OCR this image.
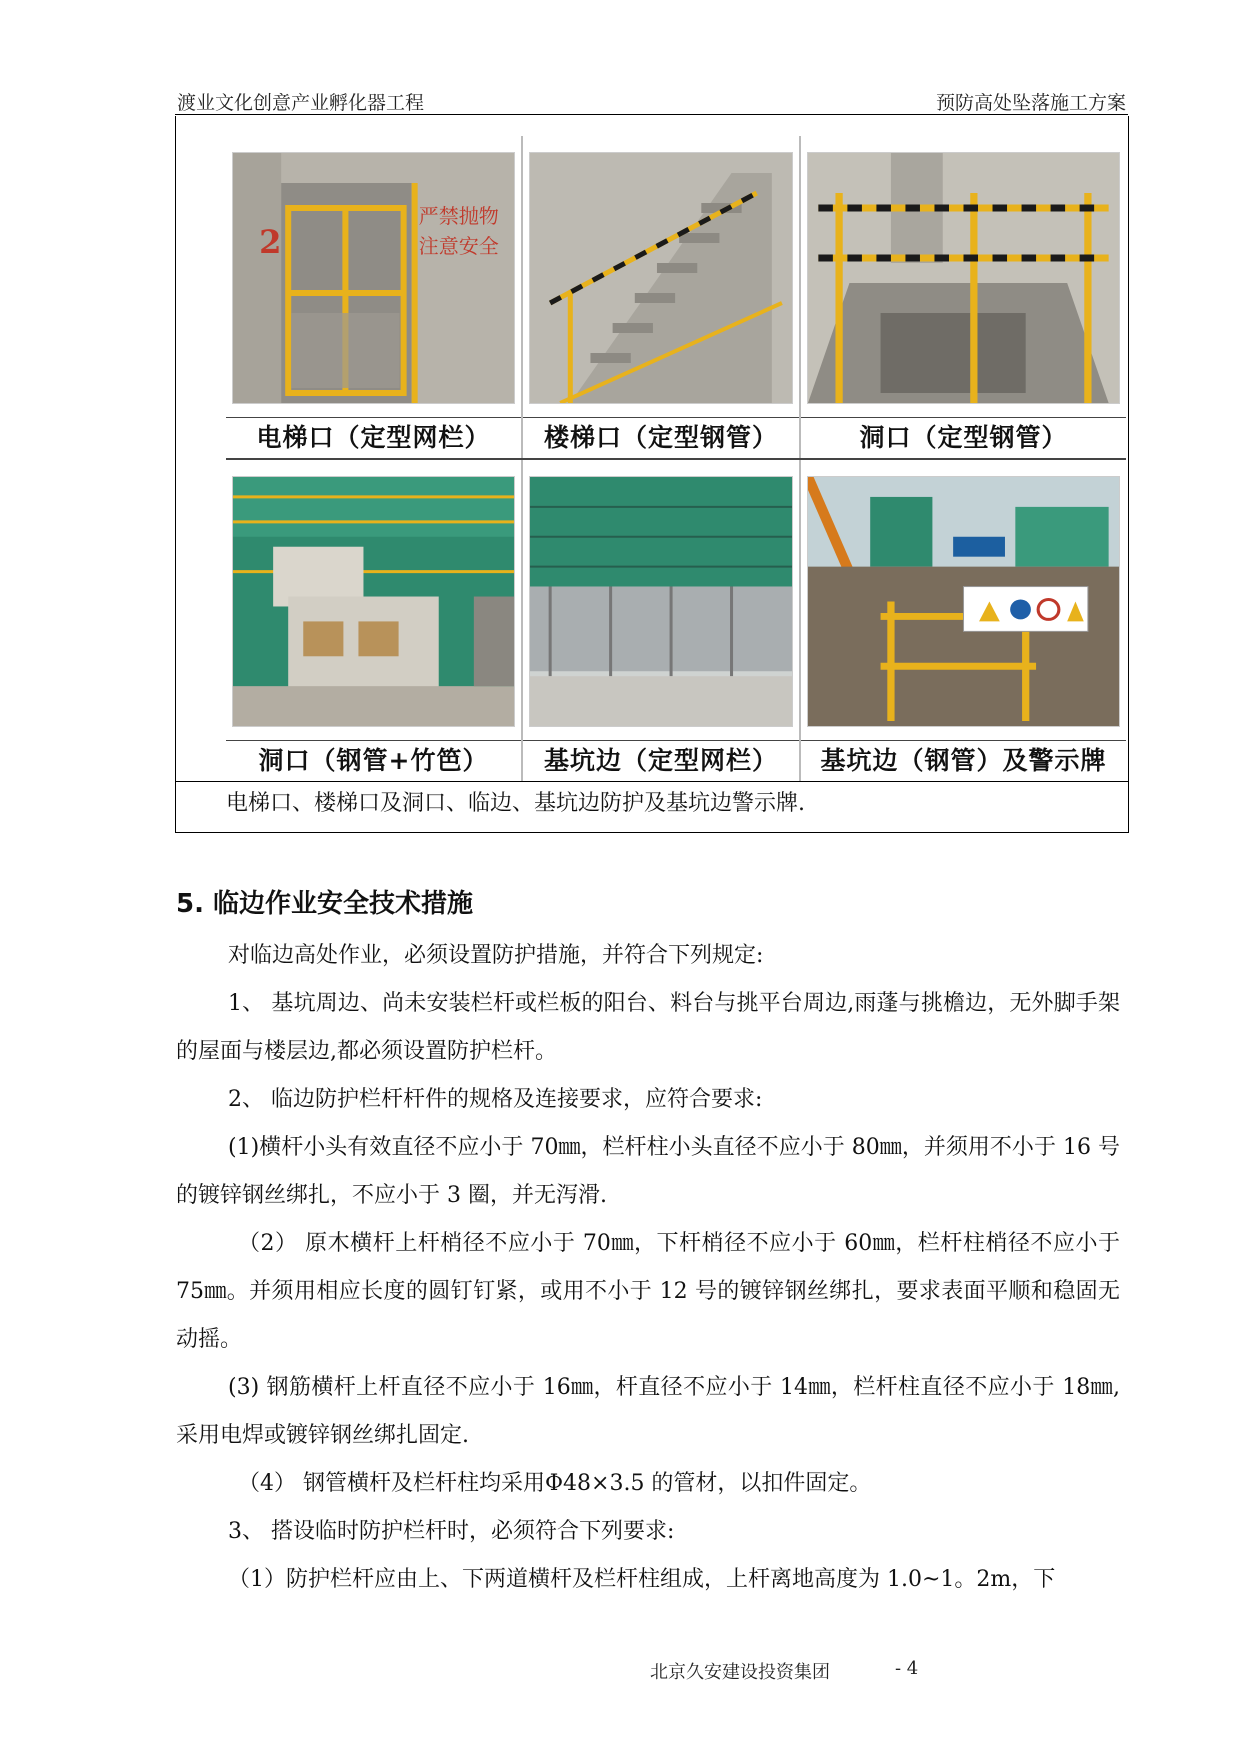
渡业文化创意产业孵化器工程	预防高处坠落施工方案
2
严禁抛物
注意安全
电梯口（定型网栏）	楼梯口（定型钢管）	洞口（定型钢管）
洞口（钢管+竹笆）	基坑边（定型网栏）	基坑边（钢管）及警示牌
电梯口、楼梯口及洞口、临边、基坑边防护及基坑边警示牌.
5. 临边作业安全技术措施
对临边高处作业，必须设置防护措施，并符合下列规定:
1、 基坑周边、尚未安装栏杆或栏板的阳台、料台与挑平台周边,雨蓬与挑檐边，无外脚手架的屋面与楼层边,都必须设置防护栏杆。
2、 临边防护栏杆杆件的规格及连接要求，应符合要求:
(1)横杆小头有效直径不应小于 70㎜，栏杆柱小头直径不应小于 80㎜，并须用不小于 16 号的镀锌钢丝绑扎，不应小于 3 圈，并无泻滑.
（2） 原木横杆上杆梢径不应小于 70㎜，下杆梢径不应小于 60㎜，栏杆柱梢径不应小于 75㎜。并须用相应长度的圆钉钉紧，或用不小于 12 号的镀锌钢丝绑扎，要求表面平顺和稳固无动摇。
(3) 钢筋横杆上杆直径不应小于 16㎜，杆直径不应小于 14㎜，栏杆柱直径不应小于 18㎜,采用电焊或镀锌钢丝绑扎固定.
（4） 钢管横杆及栏杆柱均采用Φ48×3.5 的管材，以扣件固定。
3、 搭设临时防护栏杆时，必须符合下列要求:
（1）防护栏杆应由上、下两道横杆及栏杆柱组成，上杆离地高度为 1.0~1。2m，下
北京久安建设投资集团	- 4
